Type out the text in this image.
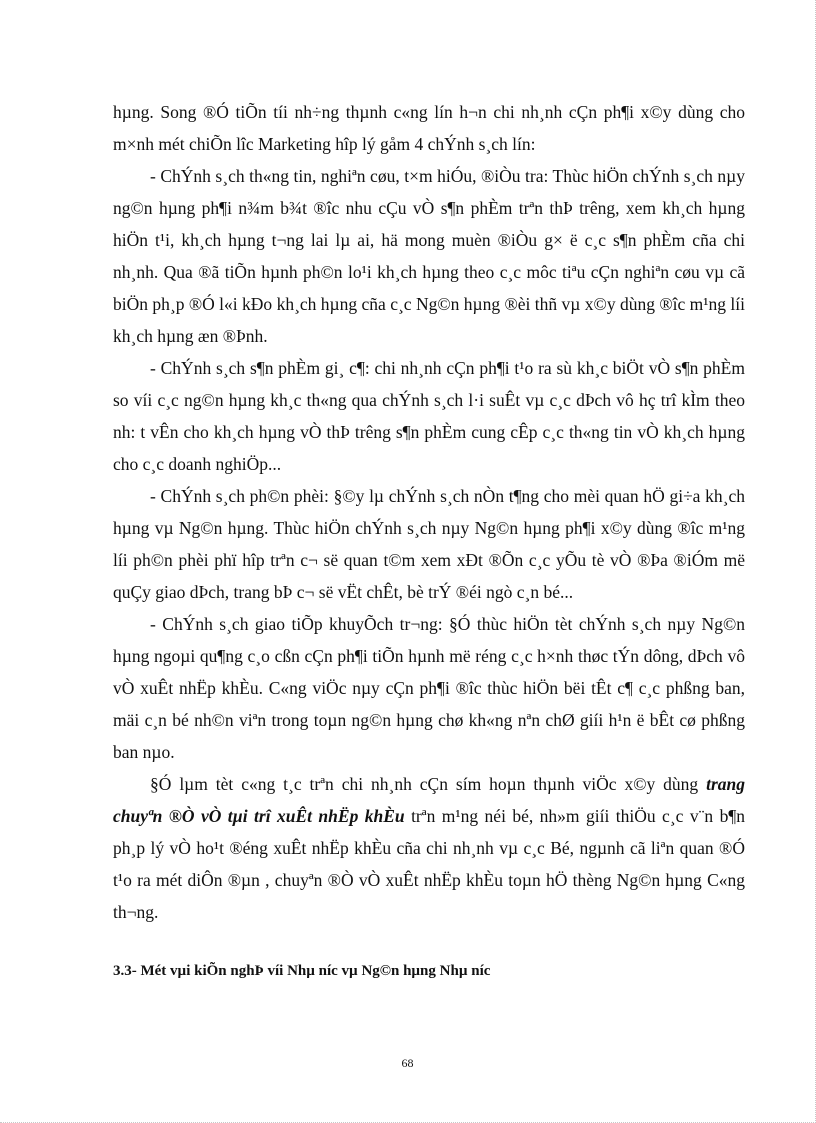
hµng. Song ®Ó tiÕn tíi nh÷ng thµnh c«ng lín h¬n chi nh¸nh cÇn ph¶i x©y dùng cho m×nh mét chiÕn lîc Marketing hîp lý gåm 4 chÝnh s¸ch lín:

- ChÝnh s¸ch th«ng tin, nghiªn cøu, t×m hiÓu, ®iÒu tra: Thùc hiÖn chÝnh s¸ch nµy ng©n hµng ph¶i n¾m b¾t ®îc nhu cÇu vÒ s¶n phÈm trªn thÞ trêng, xem kh¸ch hµng hiÖn t¹i, kh¸ch hµng t¬ng lai lµ ai, hä mong muèn ®iÒu g× ë c¸c s¶n phÈm cña chi nh¸nh. Qua ®ã tiÕn hµnh ph©n lo¹i kh¸ch hµng theo c¸c môc tiªu cÇn nghiªn cøu vµ cã biÖn ph¸p ®Ó l«i kÐo kh¸ch hµng cña c¸c Ng©n hµng ®èi thñ vµ x©y dùng ®îc m¹ng líi kh¸ch hµng æn ®Þnh.

- ChÝnh s¸ch s¶n phÈm gi¸ c¶: chi nh¸nh cÇn ph¶i t¹o ra sù kh¸c biÖt vÒ s¶n phÈm so víi c¸c ng©n hµng kh¸c th«ng qua chÝnh s¸ch l·i suÊt vµ c¸c dÞch vô hç trî kÌm theo nh: t vÊn cho kh¸ch hµng vÒ thÞ trêng s¶n phÈm cung cÊp c¸c th«ng tin vÒ kh¸ch hµng cho c¸c doanh nghiÖp...

- ChÝnh s¸ch ph©n phèi: §©y lµ chÝnh s¸ch nÒn t¶ng cho mèi quan hÖ gi÷a kh¸ch hµng vµ Ng©n hµng. Thùc hiÖn chÝnh s¸ch nµy Ng©n hµng ph¶i x©y dùng ®îc m¹ng líi ph©n phèi phï hîp trªn c¬ së quan t©m xem xÐt ®Õn c¸c yÕu tè vÒ ®Þa ®iÓm më quÇy giao dÞch, trang bÞ c¬ së vËt chÊt, bè trÝ ®éi ngò c¸n bé...

- ChÝnh s¸ch giao tiÕp khuyÕch tr¬ng: §Ó thùc hiÖn tèt chÝnh s¸ch nµy Ng©n hµng ngoµi qu¶ng c¸o cßn cÇn ph¶i tiÕn hµnh më réng c¸c h×nh thøc tÝn dông, dÞch vô vÒ xuÊt nhËp khÈu. C«ng viÖc nµy cÇn ph¶i ®îc thùc hiÖn bëi tÊt c¶ c¸c phßng ban, mäi c¸n bé nh©n viªn trong toµn ng©n hµng chø kh«ng nªn chØ giíi h¹n ë bÊt cø phßng ban nµo.

§Ó lµm tèt c«ng t¸c trªn chi nh¸nh cÇn sím hoµn thµnh viÖc x©y dùng trang chuyªn ®Ò vÒ tµi trî xuÊt nhËp khÈu trªn m¹ng néi bé, nh»m giíi thiÖu c¸c v¨n b¶n ph¸p lý vÒ ho¹t ®éng xuÊt nhËp khÈu cña chi nh¸nh vµ c¸c Bé, ngµnh cã liªn quan ®Ó t¹o ra mét diÔn ®µn , chuyªn ®Ò vÒ xuÊt nhËp khÈu toµn hÖ thèng Ng©n hµng C«ng th¬ng.

3.3- Mét vµi kiÕn nghÞ víi Nhµ níc vµ Ng©n hµng Nhµ níc
68
